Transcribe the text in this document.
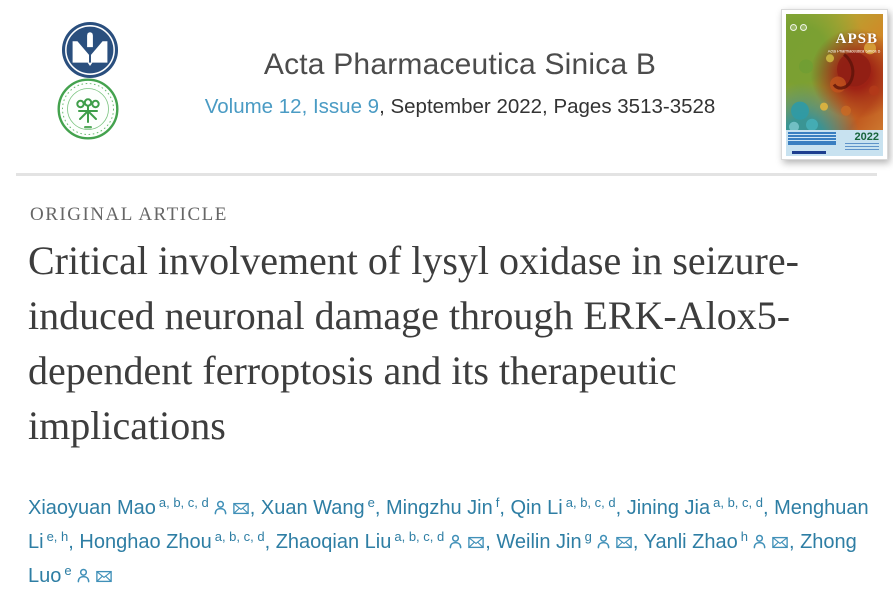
Acta Pharmaceutica Sinica B
Volume 12, Issue 9, September 2022, Pages 3513-3528
APSB
Acta Pharmaceutica Sinica B
2022
ORIGINAL ARTICLE
Critical involvement of lysyl oxidase in seizure-induced neuronal damage through ERK-Alox5-dependent ferroptosis and its therapeutic implications
Xiaoyuan Mao $^{a, b, c, d}$ , Xuan Wang $^e$, Mingzhu Jin $^f$, Qin Li $^{a, b, c, d}$, Jining Jia $^{a, b, c, d}$, Menghuan Li $^{e, h}$, Honghao Zhou $^{a, b, c, d}$, Zhaoqian Liu $^{a, b, c, d}$ , Weilin Jin $^g$ , Yanli Zhao $^h$ , Zhong Luo $^e$
